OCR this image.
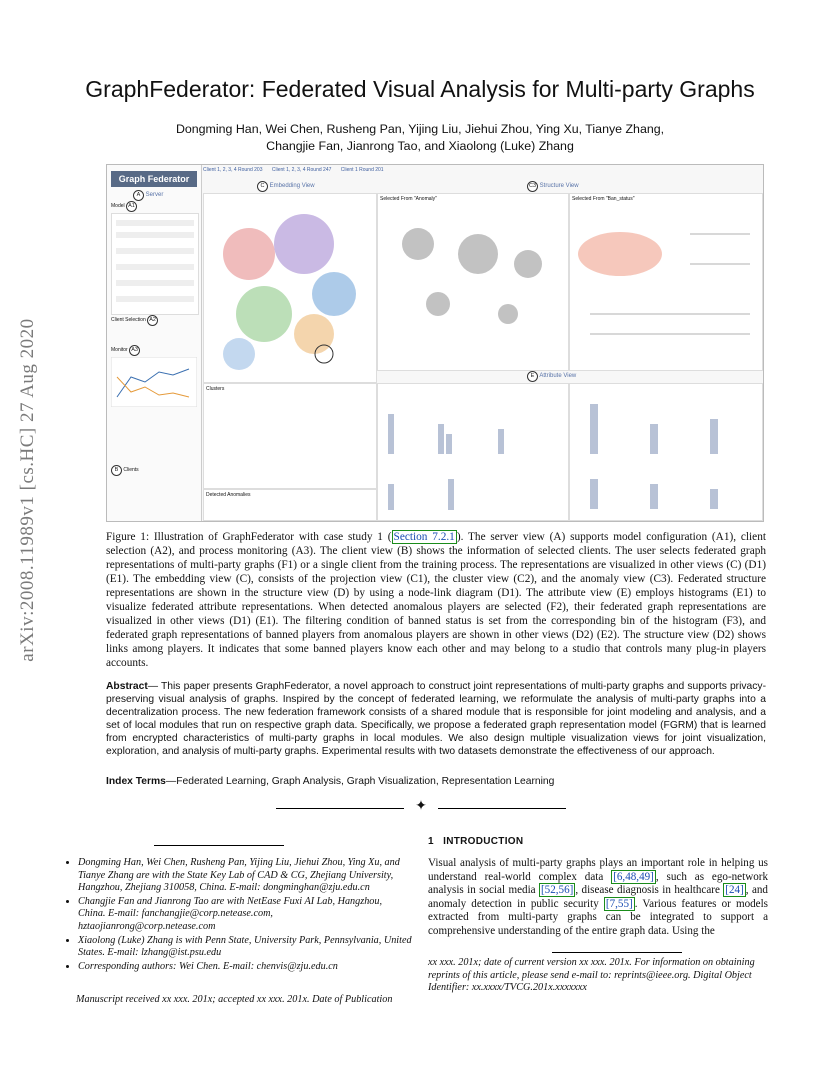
arXiv:2008.11989v1 [cs.HC] 27 Aug 2020
GraphFederator: Federated Visual Analysis for Multi-party Graphs
Dongming Han, Wei Chen, Rusheng Pan, Yijing Liu, Jiehui Zhou, Ying Xu, Tianye Zhang,
Changjie Fan, Jianrong Tao, and Xiaolong (Luke) Zhang
Graph Federator
A Server
Model A1
Client Selection A2
Monitor A3
B Clients
Client 1, 2, 3, 4 Round 203 Client 1, 2, 3, 4 Round 247 Client 1 Round 201
C Embedding View
Clusters
Detected Anomalies
C3 Structure View
Selected From "Anomaly"	Selected From "Ban_status"
E Attribute View
Figure 1: Illustration of GraphFederator with case study 1 ( Section 7.2.1 ). The server view (A) supports model configuration (A1), client selection (A2), and process monitoring (A3). The client view (B) shows the information of selected clients. The user selects federated graph representations of multi-party graphs (F1) or a single client from the training process. The representations are visualized in other views (C) (D1) (E1). The embedding view (C), consists of the projection view (C1), the cluster view (C2), and the anomaly view (C3). Federated structure representations are shown in the structure view (D) by using a node-link diagram (D1). The attribute view (E) employs histograms (E1) to visualize federated attribute representations. When detected anomalous players are selected (F2), their federated graph representations are visualized in other views (D1) (E1). The filtering condition of banned status is set from the corresponding bin of the histogram (F3), and federated graph representations of banned players from anomalous players are shown in other views (D2) (E2). The structure view (D2) shows links among players. It indicates that some banned players know each other and may belong to a studio that controls many plug-in players accounts.
Abstract— This paper presents GraphFederator, a novel approach to construct joint representations of multi-party graphs and supports privacy-preserving visual analysis of graphs. Inspired by the concept of federated learning, we reformulate the analysis of multi-party graphs into a decentralization process. The new federation framework consists of a shared module that is responsible for joint modeling and analysis, and a set of local modules that run on respective graph data. Specifically, we propose a federated graph representation model (FGRM) that is learned from encrypted characteristics of multi-party graphs in local modules. We also design multiple visualization views for joint visualization, exploration, and analysis of multi-party graphs. Experimental results with two datasets demonstrate the effectiveness of our approach.
Index Terms—Federated Learning, Graph Analysis, Graph Visualization, Representation Learning
✦
• Dongming Han, Wei Chen, Rusheng Pan, Yijing Liu, Jiehui Zhou, Ying Xu, and Tianye Zhang are with the State Key Lab of CAD & CG, Zhejiang University, Hangzhou, Zhejiang 310058, China. E-mail: dongminghan@zju.edu.cn
• Changjie Fan and Jianrong Tao are with NetEase Fuxi AI Lab, Hangzhou, China. E-mail: fanchangjie@corp.netease.com, hztaojianrong@corp.netease.com
• Xiaolong (Luke) Zhang is with Penn State, University Park, Pennsylvania, United States. E-mail: lzhang@ist.psu.edu
• Corresponding authors: Wei Chen. E-mail: chenvis@zju.edu.cn
Manuscript received xx xxx. 201x; accepted xx xxx. 201x. Date of Publication
1 INTRODUCTION
Visual analysis of multi-party graphs plays an important role in helping us understand real-world complex data [6,48,49] , such as ego-network analysis in social media [52,56] , disease diagnosis in healthcare [24] , and anomaly detection in public security [7,55] . Various features or models extracted from multi-party graphs can be integrated to support a comprehensive understanding of the entire graph data. Using the
xx xxx. 201x; date of current version xx xxx. 201x. For information on obtaining reprints of this article, please send e-mail to: reprints@ieee.org. Digital Object Identifier: xx.xxxx/TVCG.201x.xxxxxxx
